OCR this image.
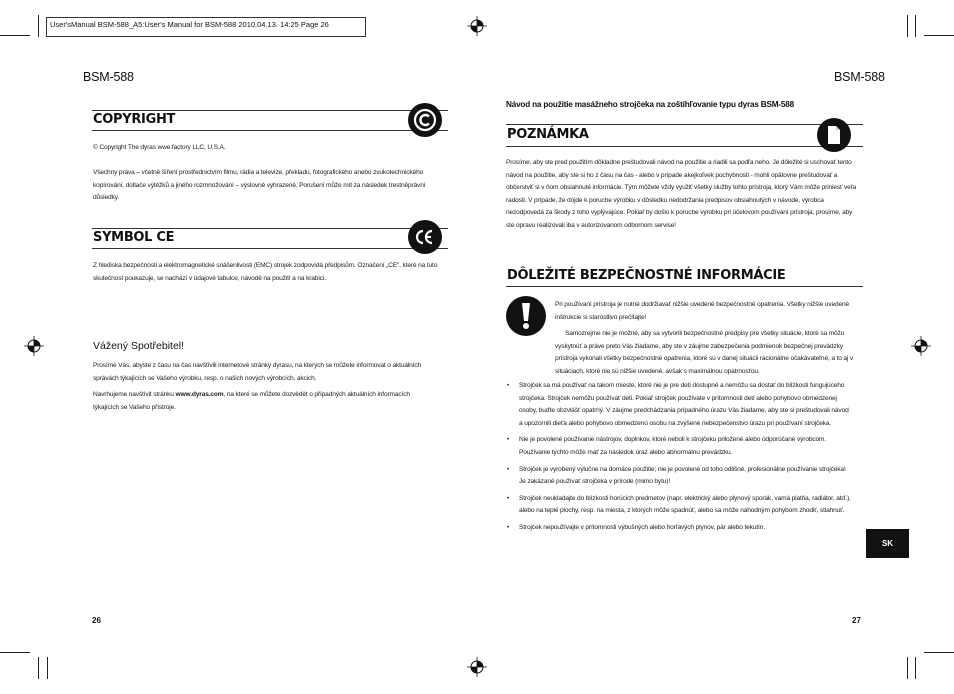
User'sManual BSM-588_A5:User's Manual for BSM-588 2010.04.13. 14:25 Page 26
BSM-588
COPYRIGHT
© Copyright The dyras wwe.factory LLC, U.S.A.
Všechny práva – včetně šíření prostřednictvím filmu, rádia a televize, překladu, fotografického anebo zvukotechnického kopírování, dotlače výtěžků a jiného rozmnožování – výslovně vyhrazené. Porušení může mít za následek trestněprávní důsledky.
SYMBOL CE
Z hlediska bezpečnosti a elektromagnetické snášenlivosti (EMC) strojek zodpovídá předpisům. Označení „CE", které na tuto skutečnost poukazuje, se nachází v údajové tabulce, návodě na použití a na krabici.
Vážený Spotřebitel!
Prosíme Vás, abyste z času na čas navštívili internetové stránky dyrasu, na kterých se můžete informovat o aktuálních správách týkajících se Vašeho výrobku, resp. o našich nových výrobcích, akcich.
Navrhujeme navštívit stránku www.dyras.com, na které se můžete dozvědět o případných aktuálních informacích týkajících se Vašeho přístroje.
26
BSM-588
Návod na použitie masážneho strojčeka na zoštíhľovanie typu dyras BSM-588
POZNÁMKA
Prosíme, aby ste pred použitím dôkladne preštudovali návod na použitie a riadili sa podľa neho. Je dôležité si uschovať tento návod na použitie, aby ste si ho z času na čas - alebo v prípade akejkoľvek pochybnosti - mohli opätovne preštudovať a občerstviť si v ňom obsiahnuté informácie. Tým môžete vždy využiť všetky služby tohto prístroja, ktorý Vám môže priniesť veľa radosti. V prípade, že dójde k poruche výrobku v dôsledku nedodržania predpisov obsiahnutých v návode, výrobca nezodpovedá za škody z toho vyplývajúce. Pokiaľ by došlo k poruche výrobku pri účelovom používaní prístroja, prosíme, aby ste opravu realizovali iba v autorizovanom odbornom servise!
DÔLEŽITÉ BEZPEČNOSTNÉ INFORMÁCIE
Pri používaní prístroja je nutné dodržiavať nižšie uvedené bezpečnostné opatrenia. Všetky nižšie uvedené inštrukcie si starostlivo prečítajte!
Samozrejme nie je možné, aby sa vytvorili bezpečnostné predpisy pre všetky situácie, ktoré sa môžu vyskytnúť a práve preto Vás žiadame, aby ste v záujme zabezpečenia podmienok bezpečnej prevádzky prístroja vykonali všetky bezpečnostné opatrenia, ktoré sú v danej situácii racionálne očakávateľné, a to aj v situáciach, ktoré nie sú nižšie uvedené, avšak s maximálnou opatrnosťou.
• Strojček sa má používať na takom mieste, ktoré nie je pre deti dostupné a nemôžu sa dostať do blízkosti fungujúceho strojčeka. Strojček nemôžu používať deti. Pokiaľ strojček používate v prítomnosti detí alebo pohybovo obmedzenej osoby, buďte obzvlášť opatrný. V záujme predchádzania prípadného úrazu Vás žiadame, aby ste si preštudovali návod a upozornili dieťa alebo pohybovo obmedzenú osobu na zvýšené nebezpečenstvo úrazu pri používaní strojčeka.
• Nie je povolené používanie nástrojov, doplnkov, ktoré neboli k strojčeku priložené alebo odporúčané výrobcom. Používanie týchto môže mať za následok úraz alebo abnormálnu prevádzku.
• Strojček je vyrobený výlučne na domáce použitie; nie je povolené od toho odlišné, profesionálne používanie strojčeka! Je zakázané používať strojčeka v prírode (mimo bytu)!
• Strojček neukladajte do blízkosti horúcich predmetov (napr. elektrický alebo plynový sporák, vamá platňa, radiátor, atď.), alebo na teplé plochy, resp. na miesta, z ktorých môže spadnúť, alebo sa môže náhodným pohybom zhodiť, stiahnuť.
• Strojček nepoužívajte v prítomnosti výbušných alebo horľavých plynov, pár alebo tekutín.
SK
27
